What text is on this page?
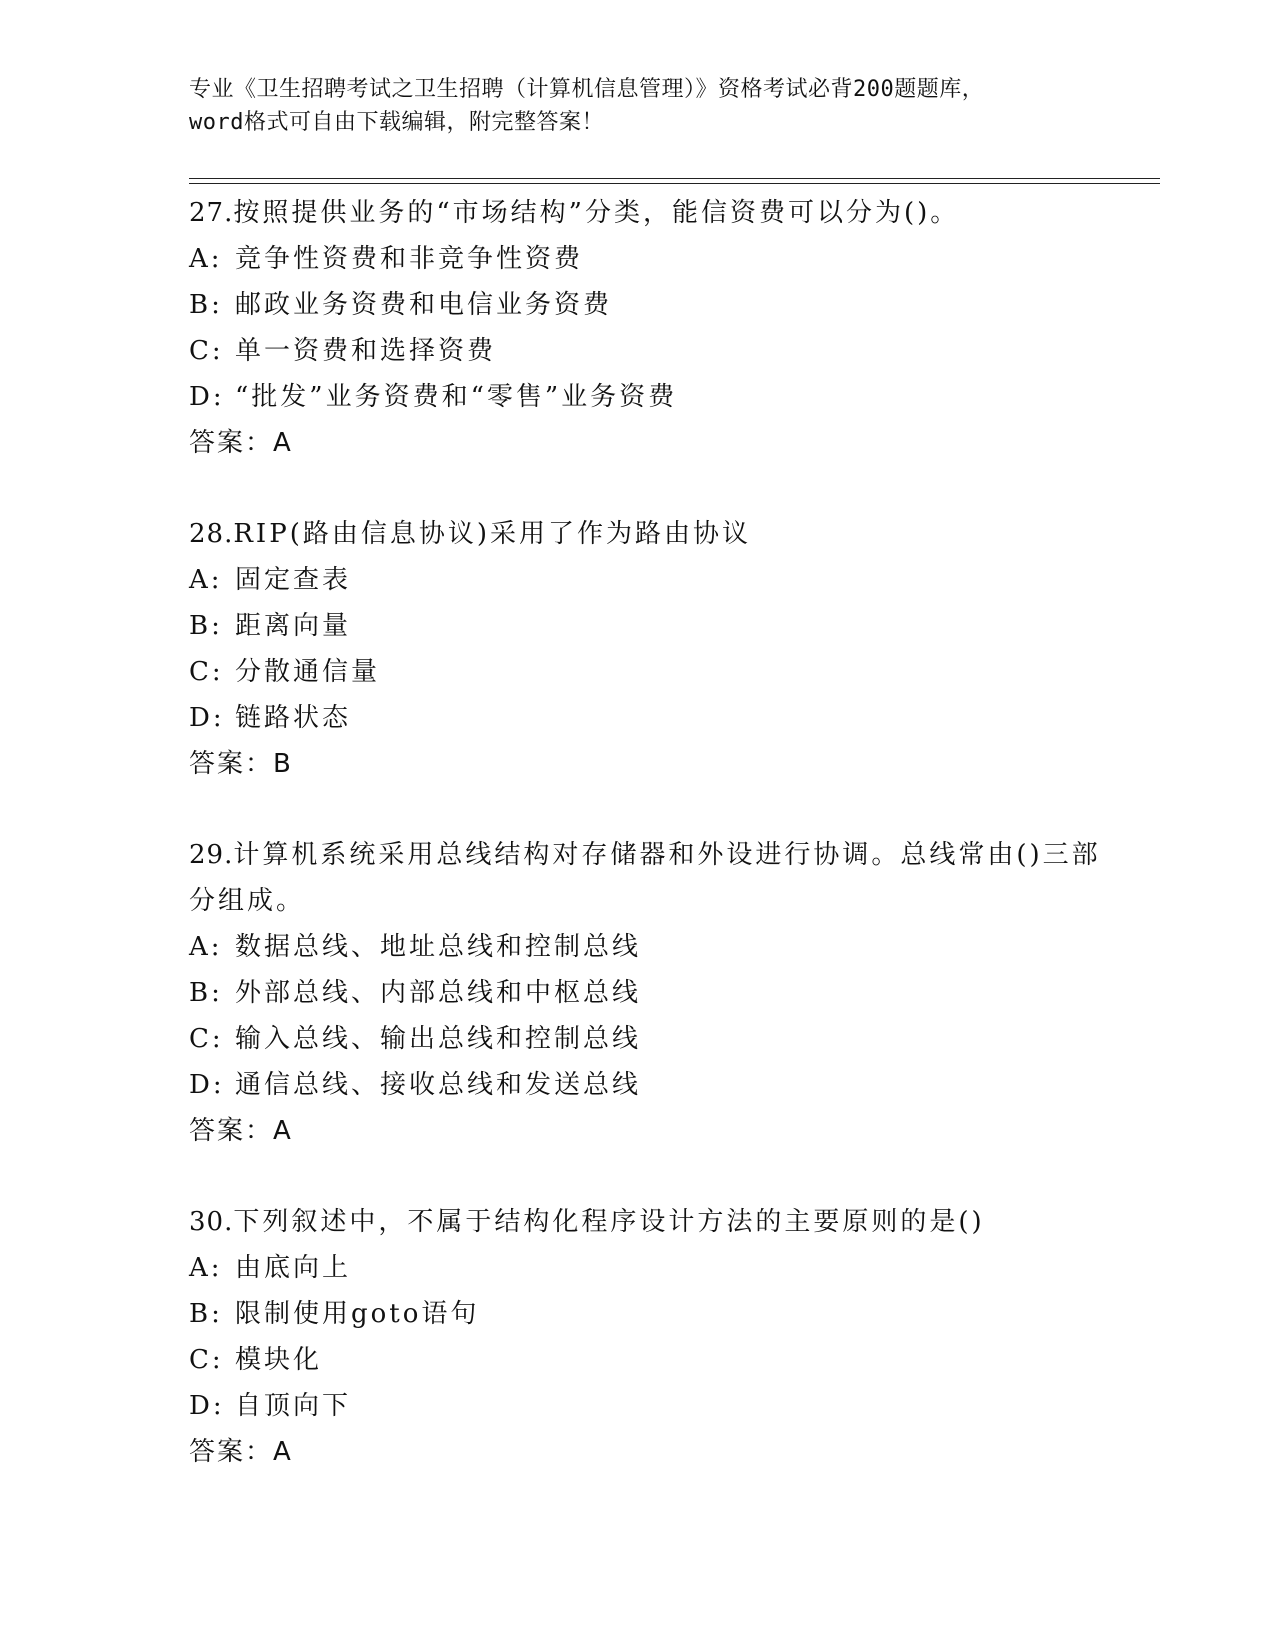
专业《卫生招聘考试之卫生招聘（计算机信息管理）》资格考试必背200题题库，
word格式可自由下载编辑，附完整答案！
27.按照提供业务的“市场结构”分类，能信资费可以分为()。
A: 竞争性资费和非竞争性资费
B: 邮政业务资费和电信业务资费
C: 单一资费和选择资费
D: “批发”业务资费和“零售”业务资费
答案：A
28.RIP(路由信息协议)采用了作为路由协议
A: 固定查表
B: 距离向量
C: 分散通信量
D: 链路状态
答案：B
29.计算机系统采用总线结构对存储器和外设进行协调。总线常由()三部分组成。
A: 数据总线、地址总线和控制总线
B: 外部总线、内部总线和中枢总线
C: 输入总线、输出总线和控制总线
D: 通信总线、接收总线和发送总线
答案：A
30.下列叙述中，不属于结构化程序设计方法的主要原则的是()
A: 由底向上
B: 限制使用goto语句
C: 模块化
D: 自顶向下
答案：A
